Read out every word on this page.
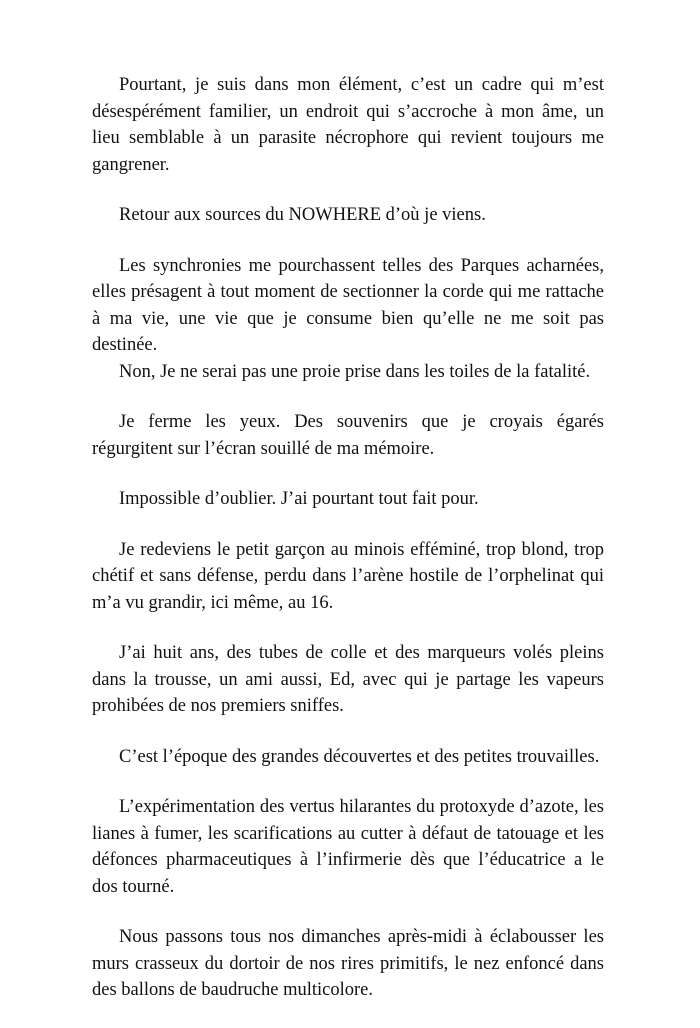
Pourtant, je suis dans mon élément, c’est un cadre qui m’est désespérément familier, un endroit qui s’accroche à mon âme, un lieu semblable à un parasite nécrophore qui revient toujours me gangrener.

Retour aux sources du NOWHERE d’où je viens.

Les synchronies me pourchassent telles des Parques acharnées, elles présagent à tout moment de sectionner la corde qui me rattache à ma vie, une vie que je consume bien qu’elle ne me soit pas destinée.

Non, Je ne serai pas une proie prise dans les toiles de la fatalité.

Je ferme les yeux. Des souvenirs que je croyais égarés régurgitent sur l’écran souillé de ma mémoire.

Impossible d’oublier. J’ai pourtant tout fait pour.

Je redeviens le petit garçon au minois efféminé, trop blond, trop chétif et sans défense, perdu dans l’arène hostile de l’orphelinat qui m’a vu grandir, ici même, au 16.

J’ai huit ans, des tubes de colle et des marqueurs volés pleins dans la trousse, un ami aussi, Ed, avec qui je partage les vapeurs prohibées de nos premiers sniffes.

C’est l’époque des grandes découvertes et des petites trouvailles.

L’expérimentation des vertus hilarantes du protoxyde d’azote, les lianes à fumer, les scarifications au cutter à défaut de tatouage et les défonces pharmaceutiques à l’infirmerie dès que l’éducatrice a le dos tourné.

Nous passons tous nos dimanches après-midi à éclabousser les murs crasseux du dortoir de nos rires primitifs, le nez enfoncé dans des ballons de baudruche multicolore.
